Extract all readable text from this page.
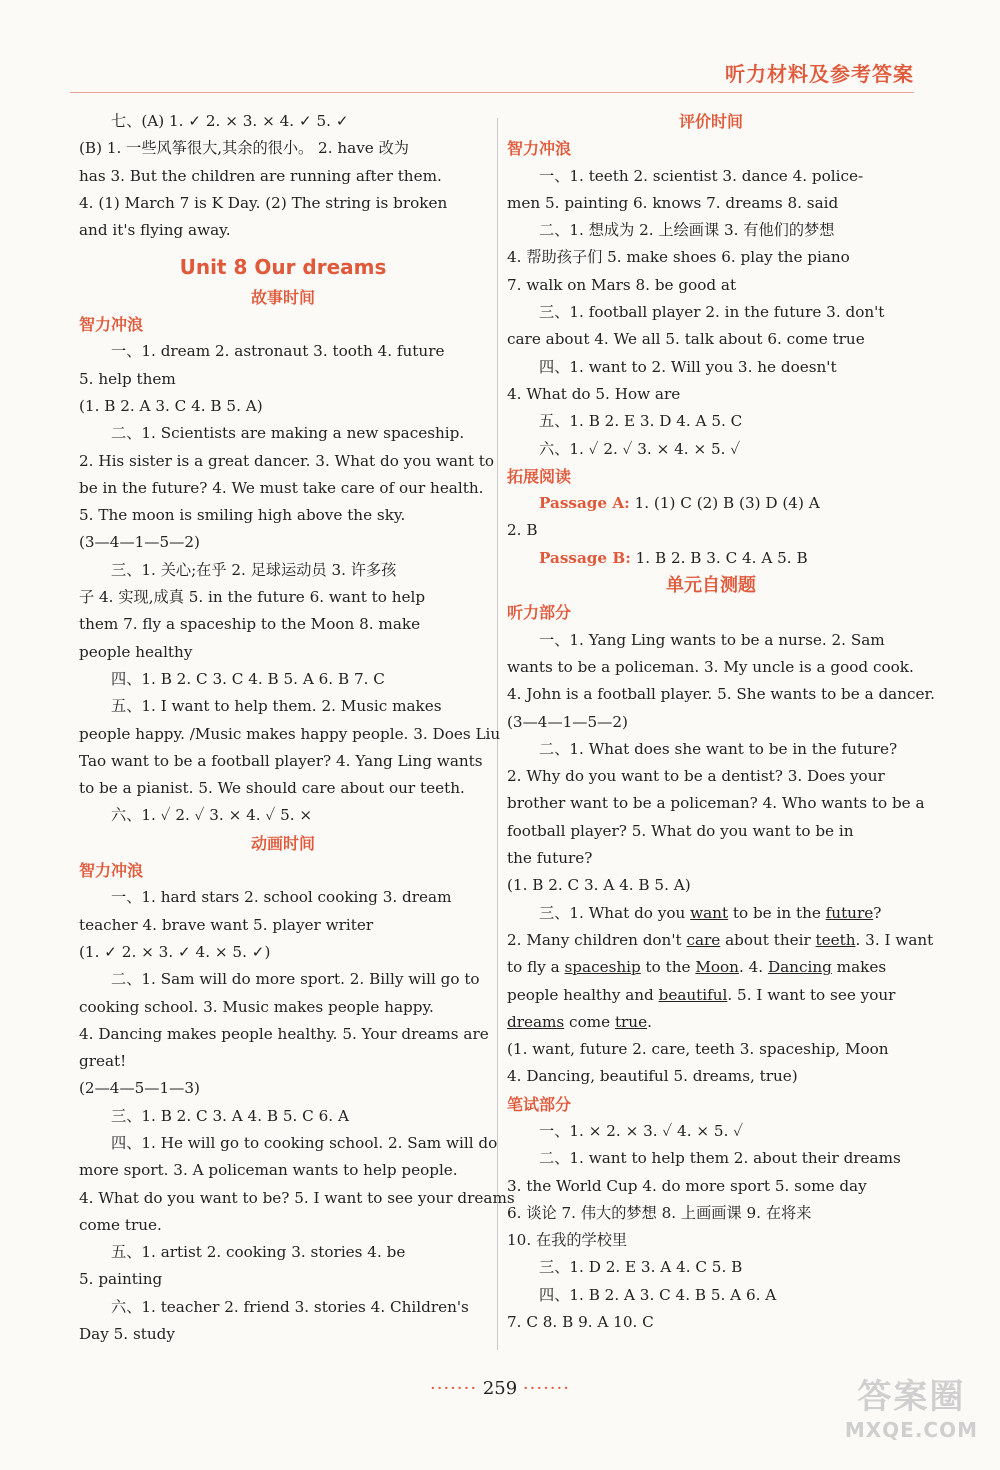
听力材料及参考答案
七、(A) 1. ✓ 2. × 3. × 4. ✓ 5. ✓
(B) 1. 一些风筝很大,其余的很小。 2. have 改为
has 3. But the children are running after them.
4. (1) March 7 is K Day. (2) The string is broken
and it's flying away.
Unit 8 Our dreams
故事时间
智力冲浪
一、1. dream 2. astronaut 3. tooth 4. future
5. help them
(1. B 2. A 3. C 4. B 5. A)
二、1. Scientists are making a new spaceship.
2. His sister is a great dancer. 3. What do you want to
be in the future? 4. We must take care of our health.
5. The moon is smiling high above the sky.
(3—4—1—5—2)
三、1. 关心;在乎 2. 足球运动员 3. 许多孩
子 4. 实现,成真 5. in the future 6. want to help
them 7. fly a spaceship to the Moon 8. make
people healthy
四、1. B 2. C 3. C 4. B 5. A 6. B 7. C
五、1. I want to help them. 2. Music makes
people happy. /Music makes happy people. 3. Does Liu
Tao want to be a football player? 4. Yang Ling wants
to be a pianist. 5. We should care about our teeth.
六、1. ✓ 2. ✓ 3. × 4. ✓ 5. ×
动画时间
智力冲浪
一、1. hard stars 2. school cooking 3. dream
teacher 4. brave want 5. player writer
(1. ✓ 2. × 3. ✓ 4. × 5. ✓)
二、1. Sam will do more sport. 2. Billy will go to
cooking school. 3. Music makes people happy.
4. Dancing makes people healthy. 5. Your dreams are
great!
(2—4—5—1—3)
三、1. B 2. C 3. A 4. B 5. C 6. A
四、1. He will go to cooking school. 2. Sam will do
more sport. 3. A policeman wants to help people.
4. What do you want to be? 5. I want to see your dreams
come true.
五、1. artist 2. cooking 3. stories 4. be
5. painting
六、1. teacher 2. friend 3. stories 4. Children's
Day 5. study
评价时间
智力冲浪
一、1. teeth 2. scientist 3. dance 4. police-
men 5. painting 6. knows 7. dreams 8. said
二、1. 想成为 2. 上绘画课 3. 有他们的梦想
4. 帮助孩子们 5. make shoes 6. play the piano
7. walk on Mars 8. be good at
三、1. football player 2. in the future 3. don't
care about 4. We all 5. talk about 6. come true
四、1. want to 2. Will you 3. he doesn't
4. What do 5. How are
五、1. B 2. E 3. D 4. A 5. C
六、1. ✓ 2. ✓ 3. × 4. × 5. ✓
拓展阅读
Passage A: 1. (1) C (2) B (3) D (4) A
2. B
Passage B: 1. B 2. B 3. C 4. A 5. B
单元自测题
听力部分
一、1. Yang Ling wants to be a nurse. 2. Sam
wants to be a policeman. 3. My uncle is a good cook.
4. John is a football player. 5. She wants to be a dancer.
(3—4—1—5—2)
二、1. What does she want to be in the future?
2. Why do you want to be a dentist? 3. Does your
brother want to be a policeman? 4. Who wants to be a
football player? 5. What do you want to be in
the future?
(1. B 2. C 3. A 4. B 5. A)
三、1. What do you want to be in the future?
2. Many children don't care about their teeth. 3. I want
to fly a spaceship to the Moon. 4. Dancing makes
people healthy and beautiful. 5. I want to see your
dreams come true.
(1. want, future 2. care, teeth 3. spaceship, Moon
4. Dancing, beautiful 5. dreams, true)
笔试部分
一、1. × 2. × 3. ✓ 4. × 5. ✓
二、1. want to help them 2. about their dreams
3. the World Cup 4. do more sport 5. some day
6. 谈论 7. 伟大的梦想 8. 上画画课 9. 在将来
10. 在我的学校里
三、1. D 2. E 3. A 4. C 5. B
四、1. B 2. A 3. C 4. B 5. A 6. A
7. C 8. B 9. A 10. C
······· 259 ·······	答案圈
MXQE.COM
